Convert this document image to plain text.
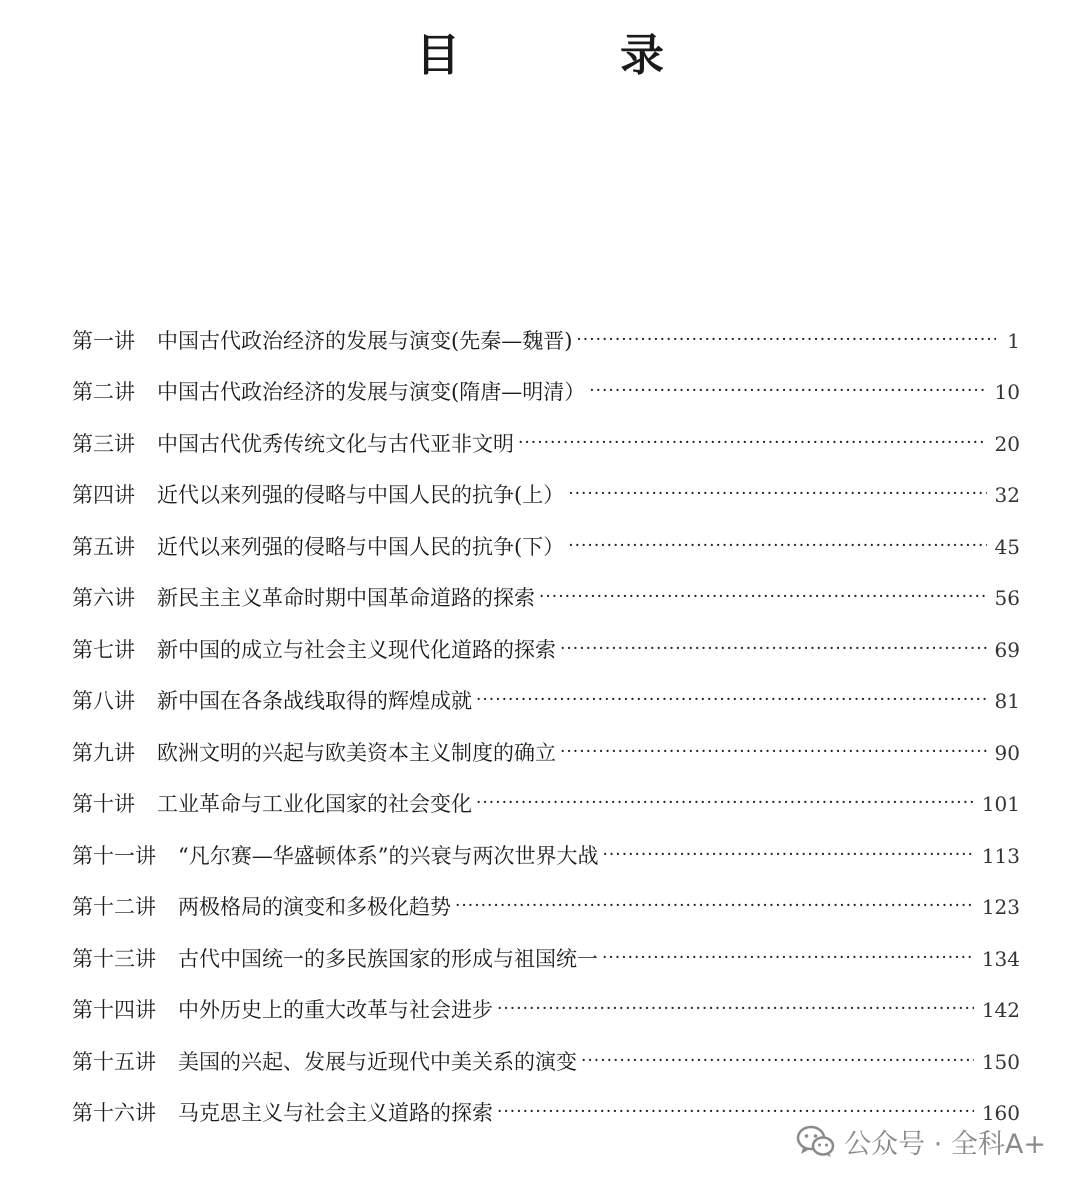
目　录
第一讲 中国古代政治经济的发展与演变(先秦—魏晋) ·····	1
第二讲 中国古代政治经济的发展与演变(隋唐—明清） ·····	10
第三讲 中国古代优秀传统文化与古代亚非文明 ·····	20
第四讲 近代以来列强的侵略与中国人民的抗争(上） ·····	32
第五讲 近代以来列强的侵略与中国人民的抗争(下） ·····	45
第六讲 新民主主义革命时期中国革命道路的探索 ·····	56
第七讲 新中国的成立与社会主义现代化道路的探索 ·····	69
第八讲 新中国在各条战线取得的辉煌成就 ·····	81
第九讲 欧洲文明的兴起与欧美资本主义制度的确立 ·····	90
第十讲 工业革命与工业化国家的社会变化 ·····	101
第十一讲 “凡尔赛—华盛顿体系”的兴衰与两次世界大战 ·····	113
第十二讲 两极格局的演变和多极化趋势 ·····	123
第十三讲 古代中国统一的多民族国家的形成与祖国统一 ·····	134
第十四讲 中外历史上的重大改革与社会进步 ·····	142
第十五讲 美国的兴起、发展与近现代中美关系的演变 ·····	150
第十六讲 马克思主义与社会主义道路的探索 ·····	160
公众号 · 全科A+
